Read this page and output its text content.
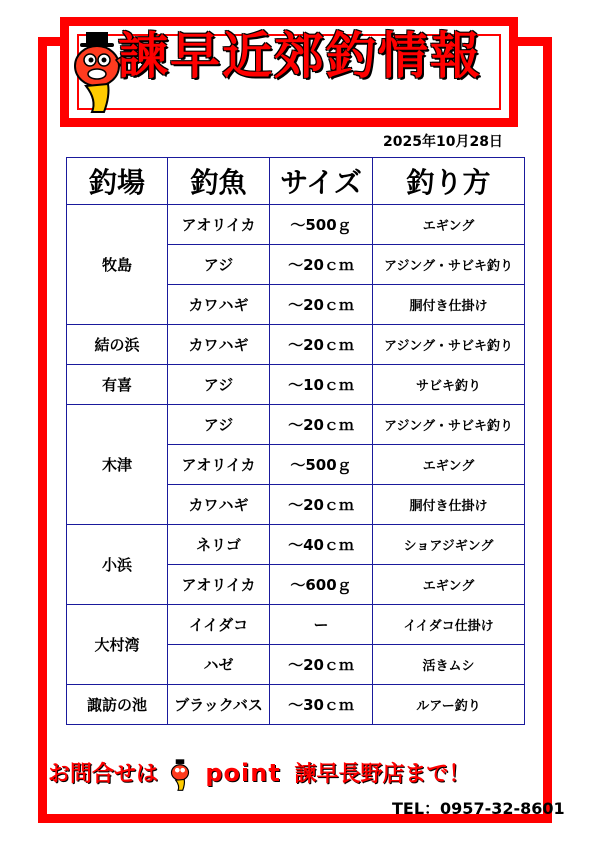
諫早近郊釣情報
2025年10月28日
釣場	釣魚	サイズ	釣り方
牧島	アオリイカ	～500ｇ	エギング
	アジ	～20ｃｍ	アジング・サビキ釣り
	カワハギ	～20ｃｍ	胴付き仕掛け
結の浜	カワハギ	～20ｃｍ	アジング・サビキ釣り
有喜	アジ	～10ｃｍ	サビキ釣り
木津	アジ	～20ｃｍ	アジング・サビキ釣り
	アオリイカ	～500ｇ	エギング
	カワハギ	～20ｃｍ	胴付き仕掛け
小浜	ネリゴ	～40ｃｍ	ショアジギング
	アオリイカ	～600ｇ	エギング
大村湾	イイダコ	ー	イイダコ仕掛け
	ハゼ	～20ｃｍ	活きムシ
諏訪の池	ブラックバス	～30ｃｍ	ルアー釣り
お問合せは point 諫早長野店まで！
TEL：0957-32-8601
